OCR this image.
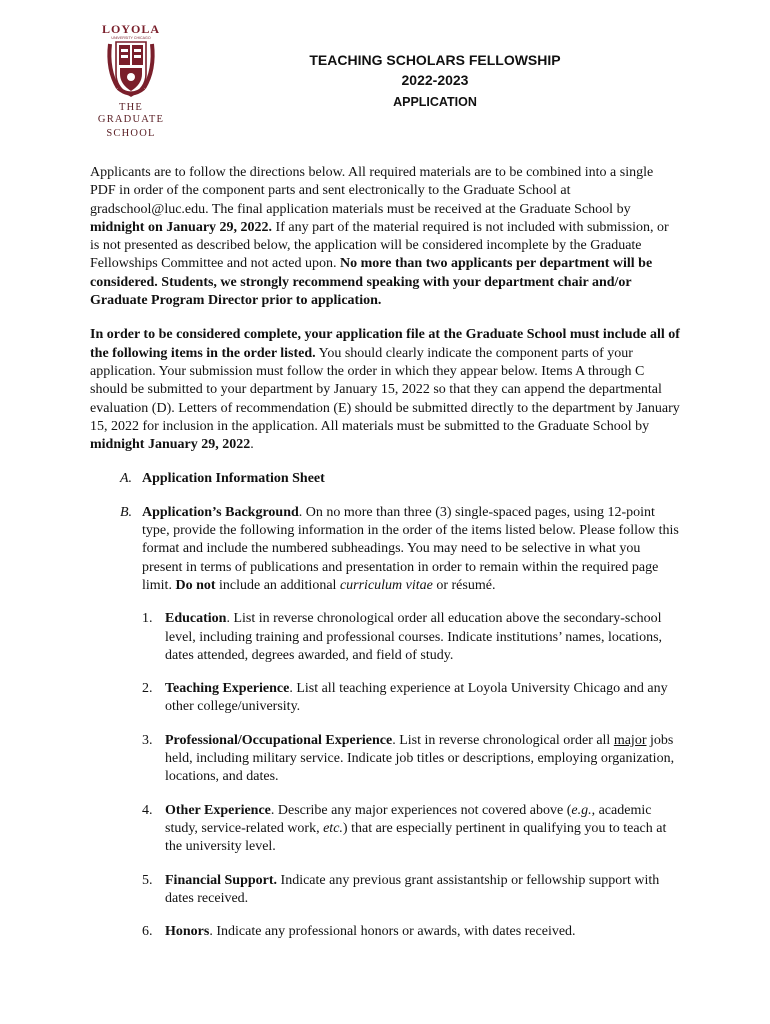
LOYOLA
UNIVERSITY CHICAGO
THE GRADUATE
SCHOOL
TEACHING SCHOLARS FELLOWSHIP
2022-2023
APPLICATION

Applicants are to follow the directions below. All required materials are to be combined into a single PDF in order of the component parts and sent electronically to the Graduate School at gradschool@luc.edu. The final application materials must be received at the Graduate School by midnight on January 29, 2022. If any part of the material required is not included with submission, or is not presented as described below, the application will be considered incomplete by the Graduate Fellowships Committee and not acted upon. No more than two applicants per department will be considered. Students, we strongly recommend speaking with your department chair and/or Graduate Program Director prior to application.

In order to be considered complete, your application file at the Graduate School must include all of the following items in the order listed. You should clearly indicate the component parts of your application. Your submission must follow the order in which they appear below. Items A through C should be submitted to your department by January 15, 2022 so that they can append the departmental evaluation (D). Letters of recommendation (E) should be submitted directly to the department by January 15, 2022 for inclusion in the application. All materials must be submitted to the Graduate School by midnight January 29, 2022.

A. Application Information Sheet
B. Application’s Background. On no more than three (3) single-spaced pages, using 12-point type, provide the following information in the order of the items listed below. Please follow this format and include the numbered subheadings. You may need to be selective in what you present in terms of publications and presentation in order to remain within the required page limit. Do not include an additional curriculum vitae or résumé.
1. Education. List in reverse chronological order all education above the secondary-school level, including training and professional courses. Indicate institutions’ names, locations, dates attended, degrees awarded, and field of study.
2. Teaching Experience. List all teaching experience at Loyola University Chicago and any other college/university.
3. Professional/Occupational Experience. List in reverse chronological order all major jobs held, including military service. Indicate job titles or descriptions, employing organization, locations, and dates.
4. Other Experience. Describe any major experiences not covered above (e.g., academic study, service-related work, etc.) that are especially pertinent in qualifying you to teach at the university level.
5. Financial Support. Indicate any previous grant assistantship or fellowship support with dates received.
6. Honors. Indicate any professional honors or awards, with dates received.
